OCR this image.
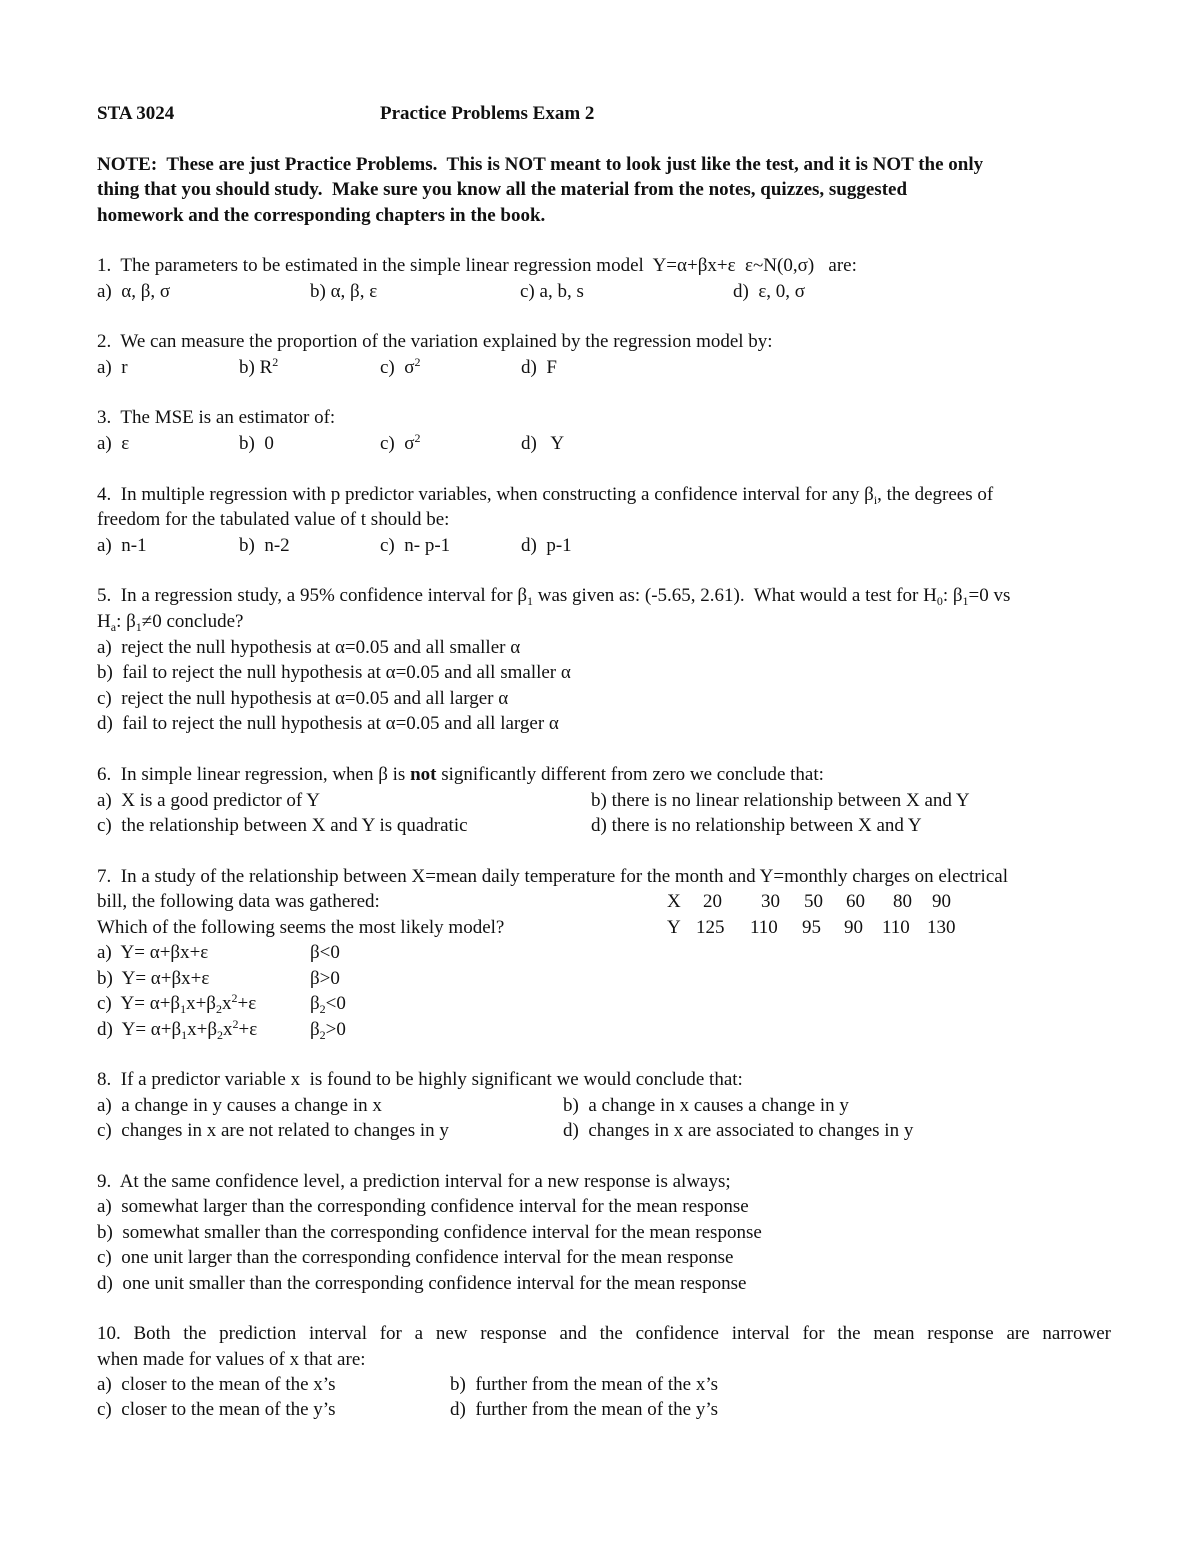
STA 3024	Practice Problems Exam 2
NOTE:  These are just Practice Problems.  This is NOT meant to look just like the test, and it is NOT the only
thing that you should study.  Make sure you know all the material from the notes, quizzes, suggested
homework and the corresponding chapters in the book.
1.  The parameters to be estimated in the simple linear regression model  Y=α+βx+ε  ε~N(0,σ)   are:
a)  α, β, σ	b) α, β, ε	c) a, b, s	d)  ε, 0, σ
2.  We can measure the proportion of the variation explained by the regression model by:
a)  r	b) $R^2$	c)  $\sigma^2$	d)  F
3.  The MSE is an estimator of:
a)  ε	b)  0	c)  $\sigma^2$	d)   Y
4.  In multiple regression with p predictor variables, when constructing a confidence interval for any $\beta_i$, the degrees of
freedom for the tabulated value of t should be:
a)  n-1	b)  n-2	c)  n- p-1	d)  p-1
5.  In a regression study, a 95% confidence interval for $\beta_1$ was given as: (-5.65, 2.61).  What would a test for $H_0$: $\beta_1=0$ vs
$H_a$: $\beta_1\ne 0$ conclude?
a)  reject the null hypothesis at α=0.05 and all smaller α
b)  fail to reject the null hypothesis at α=0.05 and all smaller α
c)  reject the null hypothesis at α=0.05 and all larger α
d)  fail to reject the null hypothesis at α=0.05 and all larger α
6.  In simple linear regression, when β is not significantly different from zero we conclude that:
a)  X is a good predictor of Y	b) there is no linear relationship between X and Y
c)  the relationship between X and Y is quadratic	d) there is no relationship between X and Y
7.  In a study of the relationship between X=mean daily temperature for the month and Y=monthly charges on electrical
bill, the following data was gathered:
Which of the following seems the most likely model?
X 20 30 50 60 80 90
Y 125 110 95 90 110 130
a)  Y= α+βx+ε	β<0
b)  Y= α+βx+ε	β>0
c)  $Y= \alpha+\beta_1x+\beta_2x^2+\varepsilon$	$\beta_2<0$
d)  $Y= \alpha+\beta_1x+\beta_2x^2+\varepsilon$	$\beta_2>0$
8.  If a predictor variable x  is found to be highly significant we would conclude that:
a)  a change in y causes a change in x	b)  a change in x causes a change in y
c)  changes in x are not related to changes in y	d)  changes in x are associated to changes in y
9.  At the same confidence level, a prediction interval for a new response is always;
a)  somewhat larger than the corresponding confidence interval for the mean response
b)  somewhat smaller than the corresponding confidence interval for the mean response
c)  one unit larger than the corresponding confidence interval for the mean response
d)  one unit smaller than the corresponding confidence interval for the mean response
10. Both the prediction interval for a new response and the confidence interval for the mean response are narrower
when made for values of x that are:
a)  closer to the mean of the x’s	b)  further from the mean of the x’s
c)  closer to the mean of the y’s	d)  further from the mean of the y’s
